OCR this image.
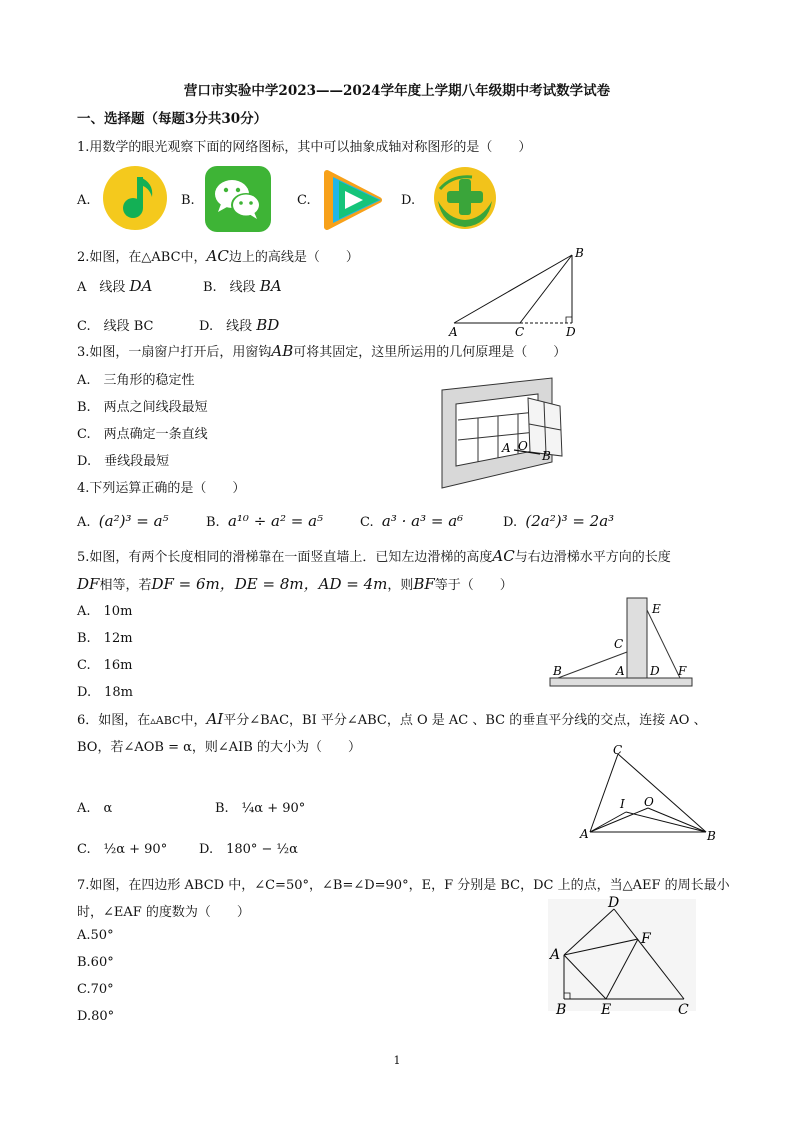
营口市实验中学2023——2024学年度上学期八年级期中考试数学试卷
一、选择题（每题3分共30分）
1.用数学的眼光观察下面的网络图标，其中可以抽象成轴对称图形的是（　　）
A.	B.	C.	D.
2.如图，在△ABC中，AC边上的高线是（　　）
A　线段 DA	B.　线段 BA
C.　线段 BC	D.　线段 BD
B
A	C	D
3.如图，一扇窗户打开后，用窗钩AB可将其固定，这里所运用的几何原理是（　　）
A.　三角形的稳定性
B.　两点之间线段最短
C.　两点确定一条直线
D.　垂线段最短
A O
B
4.下列运算正确的是（　　）
A. (a²)³ = a⁵	B. a¹⁰ ÷ a² = a⁵	C. a³ · a³ = a⁶	D. (2a²)³ = 2a³
5.如图，有两个长度相同的滑梯靠在一面竖直墙上．已知左边滑梯的高度AC与右边滑梯水平方向的长度
DF相等，若DF = 6m，DE = 8m，AD = 4m，则BF等于（　　）
A.　10m
B.　12m
C.　16m
D.　18m
E
C
B	A D F
6．如图，在▵ABC中，AI平分∠BAC，BI 平分∠ABC，点 O 是 AC 、BC 的垂直平分线的交点，连接 AO 、
BO，若∠AOB = α，则∠AIB 的大小为（　　）
A.　α	B.　¼α + 90°
C.　½α + 90° D.　180° − ½α
C
I O
A	B
7.如图，在四边形 ABCD 中，∠C=50°，∠B=∠D=90°，E，F 分别是 BC，DC 上的点，当△AEF 的周长最小
时，∠EAF 的度数为（　　）
A.50°
B.60°
C.70°
D.80°
D
F
A
B E	C
1
